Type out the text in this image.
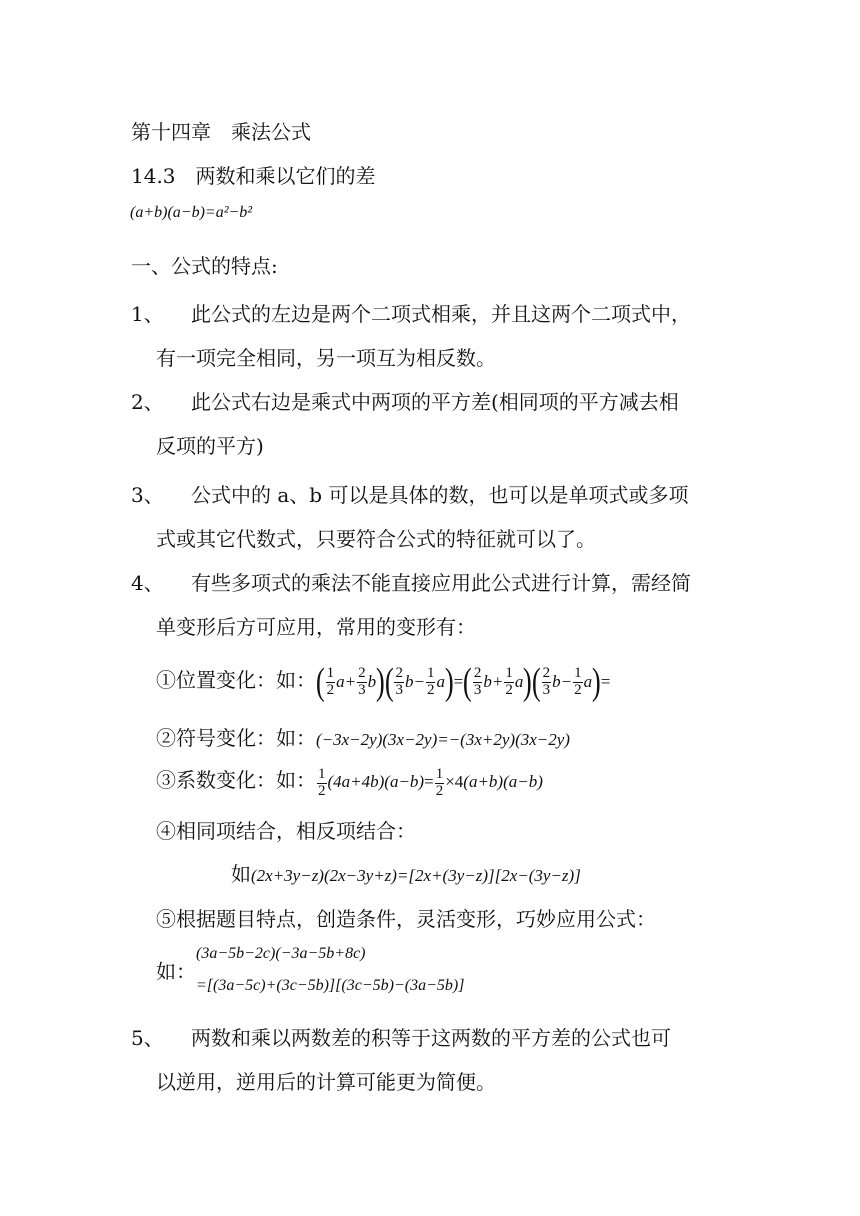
第十四章　乘法公式
14.3　两数和乘以它们的差
(a+b)(a−b)=a²−b²
一、公式的特点:
1、 此公式的左边是两个二项式相乘，并且这两个二项式中，
有一项完全相同，另一项互为相反数。
2、 此公式右边是乘式中两项的平方差(相同项的平方减去相
反项的平方)
3、 公式中的 a、b 可以是具体的数，也可以是单项式或多项
式或其它代数式，只要符合公式的特征就可以了。
4、 有些多项式的乘法不能直接应用此公式进行计算，需经简
单变形后方可应用，常用的变形有：
①位置变化：如：( $\frac{1}{2} a+ \frac{2}{3} b)( \frac{2}{3} b- \frac{1}{2} a)=( \frac{2}{3} b+ \frac{1}{2} a)( \frac{2}{3} b- \frac{1}{2} a)=$
②符号变化：如：(−3x−2y)(3x−2y)=−(3x+2y)(3x−2y)
③系数变化：如： $\frac{1}{2} (4a+4b)(a-b)= \frac{1}{2} \times 4(a+b)(a-b)$
④相同项结合，相反项结合：
如(2x+3y−z)(2x−3y+z)=[2x+(3y−z)][2x−(3y−z)]
⑤根据题目特点，创造条件，灵活变形，巧妙应用公式：
如：
(3a−5b−2c)(−3a−5b+8c)
=[(3a−5c)+(3c−5b)][(3c−5b)−(3a−5b)]
5、 两数和乘以两数差的积等于这两数的平方差的公式也可
以逆用，逆用后的计算可能更为简便。
